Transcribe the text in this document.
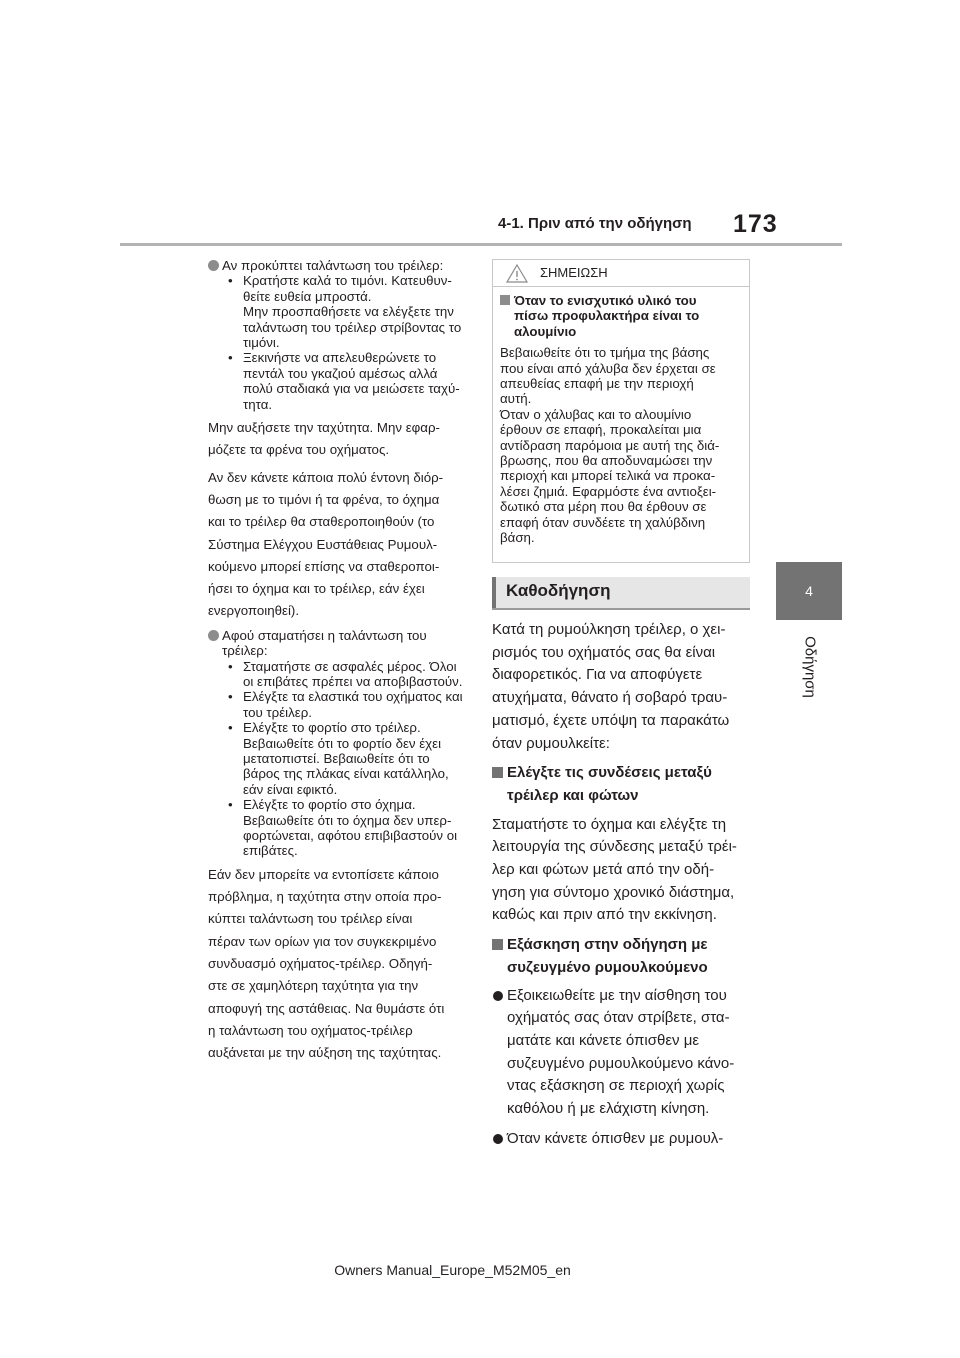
4-1. Πριν από την οδήγηση 173
4
Οδήγηση

Αν προκύπτει ταλάντωση του τρέιλερ:

• Κρατήστε καλά το τιμόνι. Κατευθυν-

θείτε ευθεία μπροστά.

Μην προσπαθήσετε να ελέγξετε την

ταλάντωση του τρέιλερ στρίβοντας το

τιμόνι.

• Ξεκινήστε να απελευθερώνετε το

πεντάλ του γκαζιού αμέσως αλλά

πολύ σταδιακά για να μειώσετε ταχύ-

τητα.

Μην αυξήσετε την ταχύτητα. Μην εφαρ-

μόζετε τα φρένα του οχήματος.

Αν δεν κάνετε κάποια πολύ έντονη διόρ-

θωση με το τιμόνι ή τα φρένα, το όχημα

και το τρέιλερ θα σταθεροποιηθούν (το

Σύστημα Ελέγχου Ευστάθειας Ρυμουλ-

κούμενο μπορεί επίσης να σταθεροποι-

ήσει το όχημα και το τρέιλερ, εάν έχει

ενεργοποιηθεί).

Αφού σταματήσει η ταλάντωση του

τρέιλερ:

• Σταματήστε σε ασφαλές μέρος. Όλοι

οι επιβάτες πρέπει να αποβιβαστούν.

• Ελέγξτε τα ελαστικά του οχήματος και

του τρέιλερ.

• Ελέγξτε το φορτίο στο τρέιλερ.

Βεβαιωθείτε ότι το φορτίο δεν έχει

μετατοπιστεί. Βεβαιωθείτε ότι το

βάρος της πλάκας είναι κατάλληλο,

εάν είναι εφικτό.

• Ελέγξτε το φορτίο στο όχημα.

Βεβαιωθείτε ότι το όχημα δεν υπερ-

φορτώνεται, αφότου επιβιβαστούν οι

επιβάτες.

Εάν δεν μπορείτε να εντοπίσετε κάποιο

πρόβλημα, η ταχύτητα στην οποία προ-

κύπτει ταλάντωση του τρέιλερ είναι

πέραν των ορίων για τον συγκεκριμένο

συνδυασμό οχήματος-τρέιλερ. Οδηγή-

στε σε χαμηλότερη ταχύτητα για την

αποφυγή της αστάθειας. Να θυμάστε ότι

η ταλάντωση του οχήματος-τρέιλερ

αυξάνεται με την αύξηση της ταχύτητας.

ΣΗΜΕΙΩΣΗ
Όταν το ενισχυτικό υλικό του
πίσω προφυλακτήρα είναι το
αλουμίνιο

Βεβαιωθείτε ότι το τμήμα της βάσης

που είναι από χάλυβα δεν έρχεται σε

απευθείας επαφή με την περιοχή

αυτή.

Όταν ο χάλυβας και το αλουμίνιο

έρθουν σε επαφή, προκαλείται μια

αντίδραση παρόμοια με αυτή της διά-

βρωσης, που θα αποδυναμώσει την

περιοχή και μπορεί τελικά να προκα-

λέσει ζημιά. Εφαρμόστε ένα αντιοξει-

δωτικό στα μέρη που θα έρθουν σε

επαφή όταν συνδέετε τη χαλύβδινη

βάση.

Καθοδήγηση

Κατά τη ρυμούλκηση τρέιλερ, ο χει-

ρισμός του οχήματός σας θα είναι

διαφορετικός. Για να αποφύγετε

ατυχήματα, θάνατο ή σοβαρό τραυ-

ματισμό, έχετε υπόψη τα παρακάτω

όταν ρυμουλκείτε:

Ελέγξτε τις συνδέσεις μεταξύ

τρέιλερ και φώτων

Σταματήστε το όχημα και ελέγξτε τη

λειτουργία της σύνδεσης μεταξύ τρέι-

λερ και φώτων μετά από την οδή-

γηση για σύντομο χρονικό διάστημα,

καθώς και πριν από την εκκίνηση.

Εξάσκηση στην οδήγηση με

συζευγμένο ρυμουλκούμενο

Εξοικειωθείτε με την αίσθηση του

οχήματός σας όταν στρίβετε, στα-

ματάτε και κάνετε όπισθεν με

συζευγμένο ρυμουλκούμενο κάνο-

ντας εξάσκηση σε περιοχή χωρίς

καθόλου ή με ελάχιστη κίνηση.

Όταν κάνετε όπισθεν με ρυμουλ-

Owners Manual_Europe_M52M05_en
